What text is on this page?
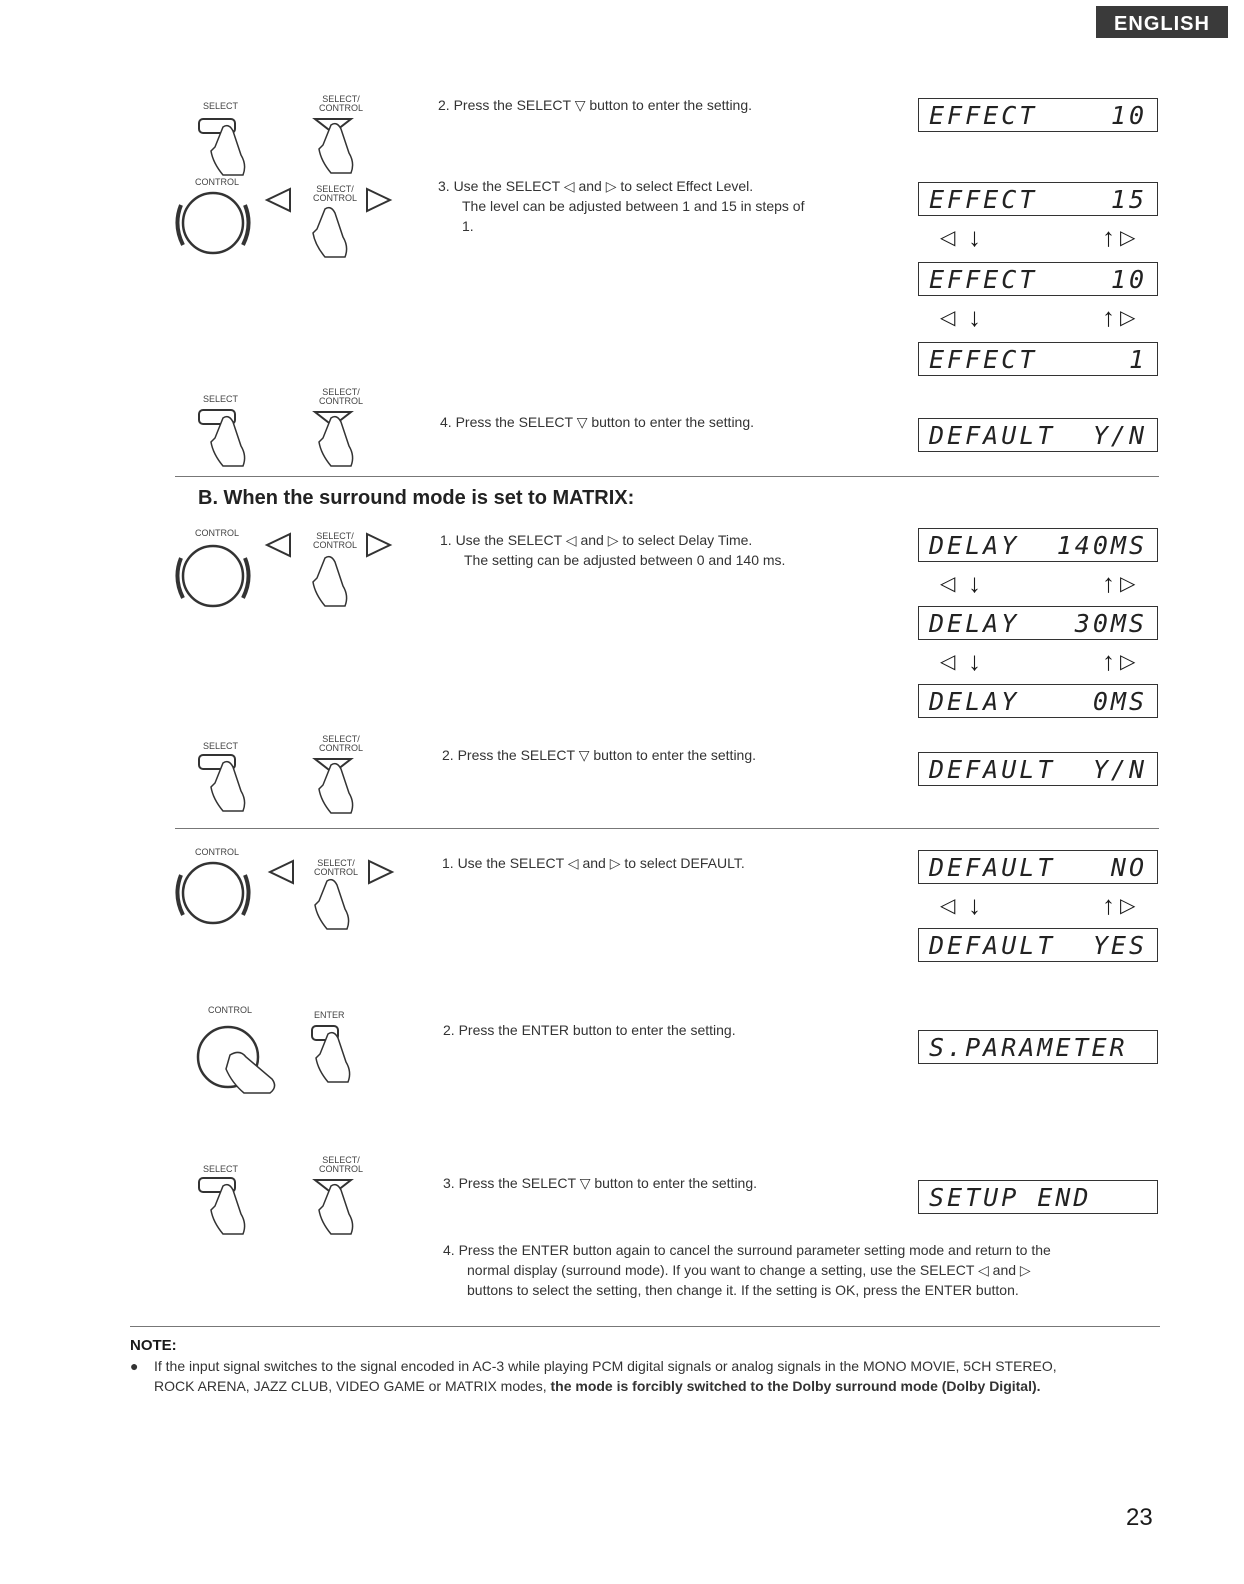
ENGLISH
SELECT
SELECT/ CONTROL	2. Press the SELECT ▽ button to enter the setting.	EFFECT	10
CONTROL
SELECT/ CONTROL
3. Use the SELECT ◁ and ▷ to select Effect Level.

The level can be adjusted between 1 and 15 in steps of
1.
EFFECT	15
◁ ↓	↑ ▷
EFFECT	10
◁ ↓	↑ ▷
EFFECT	1
SELECT
SELECT/ CONTROL
4. Press the SELECT ▽ button to enter the setting.	DEFAULT Y/N
B. When the surround mode is set to MATRIX:
CONTROL	SELECT/ CONTROL	1. Use the SELECT ◁ and ▷ to select Delay Time.

The setting can be adjusted between 0 and 140 ms.	DELAY 140MS
◁ ↓	↑ ▷
DELAY 30MS
◁ ↓	↑ ▷
DELAY	0MS
SELECT
SELECT/ CONTROL	2. Press the SELECT ▽ button to enter the setting.	DEFAULT Y/N
CONTROL
SELECT/ CONTROL
1. Use the SELECT ◁ and ▷ to select DEFAULT.	DEFAULT NO
◁ ↓	↑ ▷
DEFAULT YES
CONTROL	ENTER
2. Press the ENTER button to enter the setting.
S.PARAMETER
SELECT
SELECT/ CONTROL
3. Press the SELECT ▽ button to enter the setting.	SETUP END
4. Press the ENTER button again to cancel the surround parameter setting mode and return to the

normal display (surround mode). If you want to change a setting, use the SELECT ◁ and ▷
buttons to select the setting, then change it. If the setting is OK, press the ENTER button.
NOTE:
● If the input signal switches to the signal encoded in AC-3 while playing PCM digital signals or analog signals in the MONO MOVIE, 5CH STEREO,
ROCK ARENA, JAZZ CLUB, VIDEO GAME or MATRIX modes, the mode is forcibly switched to the Dolby surround mode (Dolby Digital).
23
